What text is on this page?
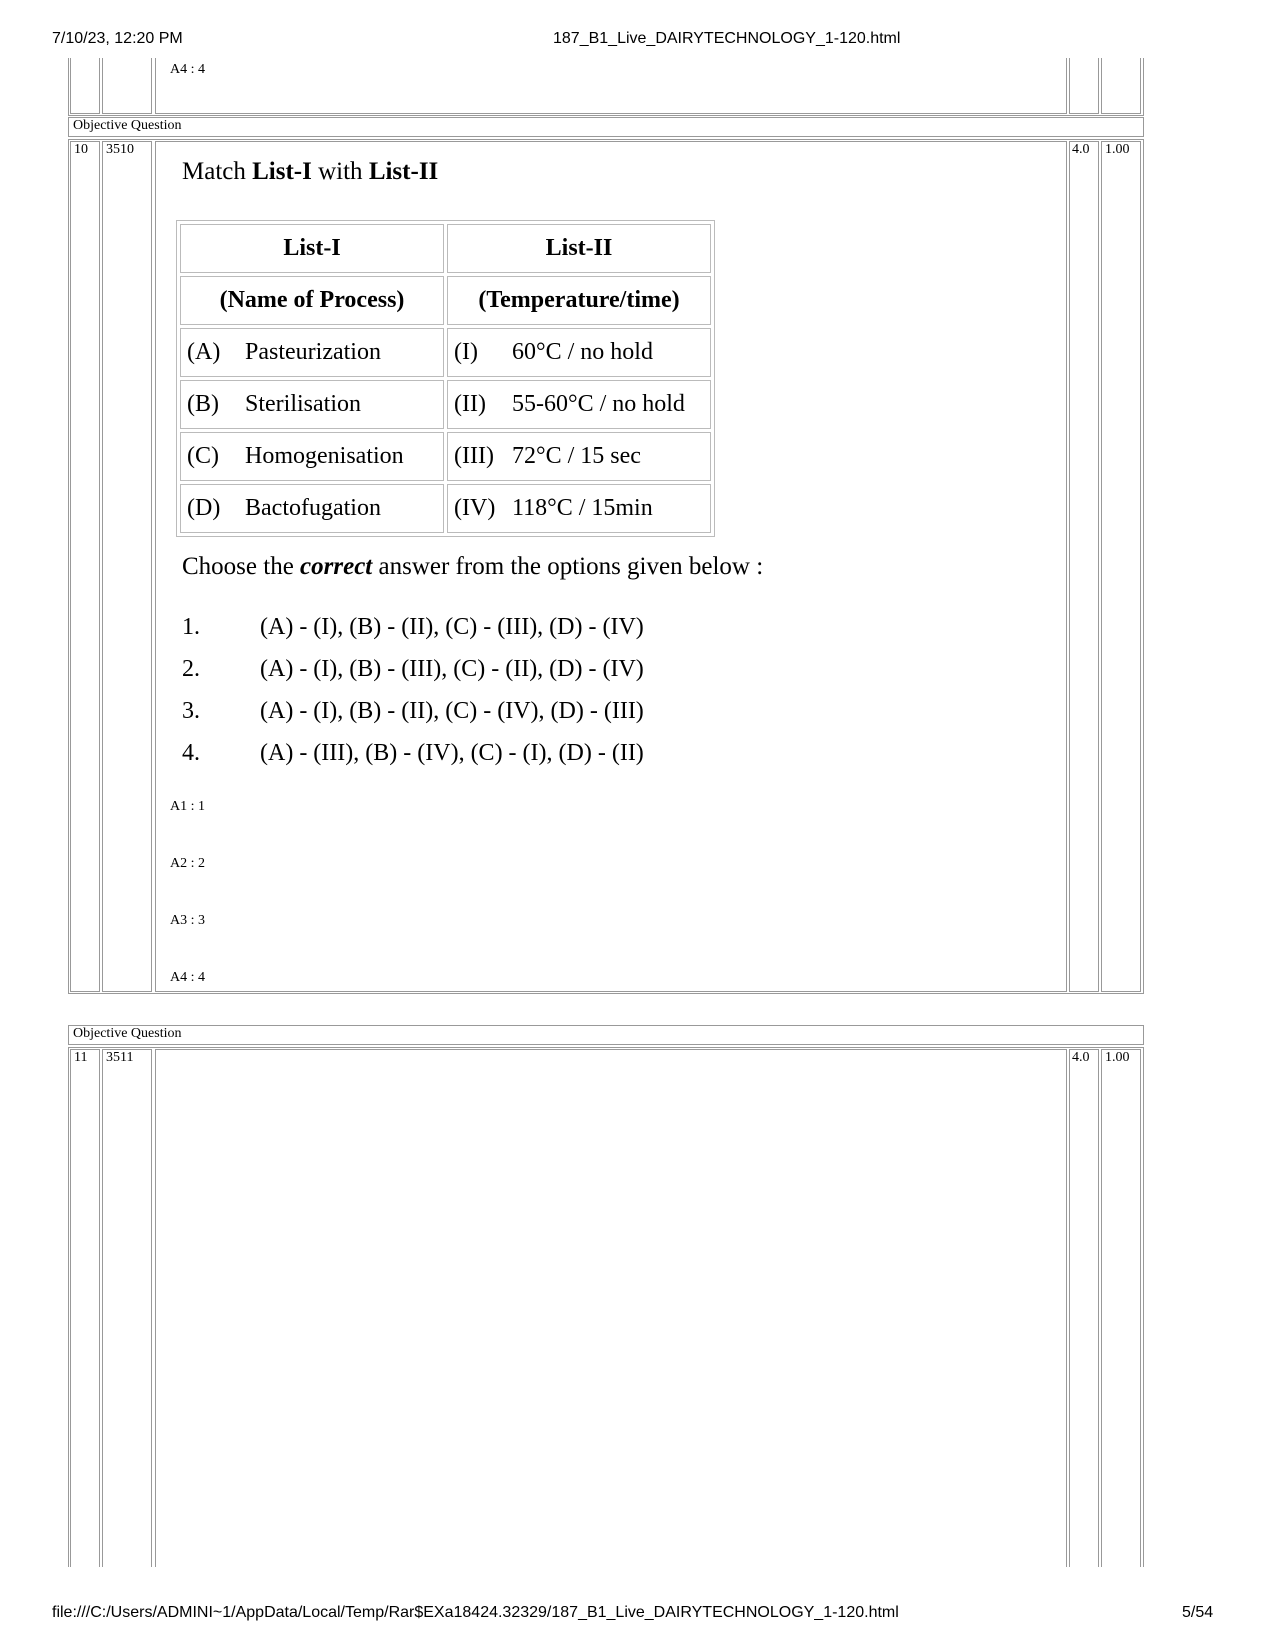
7/10/23, 12:20 PM	187_B1_Live_DAIRYTECHNOLOGY_1-120.html
A4 : 4
Objective Question
10 3510	4.0 1.00
Match List-I with List-II
List-I	List-II
(Name of Process)	(Temperature/time)
(A) Pasteurization	(I) 60°C / no hold
(B) Sterilisation	(II) 55-60°C / no hold
(C) Homogenisation	(III) 72°C / 15 sec
(D) Bactofugation	(IV) 118°C / 15min
Choose the correct answer from the options given below :
1.	(A) - (I), (B) - (II), (C) - (III), (D) - (IV)
2.	(A) - (I), (B) - (III), (C) - (II), (D) - (IV)
3.	(A) - (I), (B) - (II), (C) - (IV), (D) - (III)
4.	(A) - (III), (B) - (IV), (C) - (I), (D) - (II)
A1 : 1
A2 : 2
A3 : 3
A4 : 4
Objective Question
11 3511	4.0 1.00
file:///C:/Users/ADMINI~1/AppData/Local/Temp/Rar$EXa18424.32329/187_B1_Live_DAIRYTECHNOLOGY_1-120.html	5/54
